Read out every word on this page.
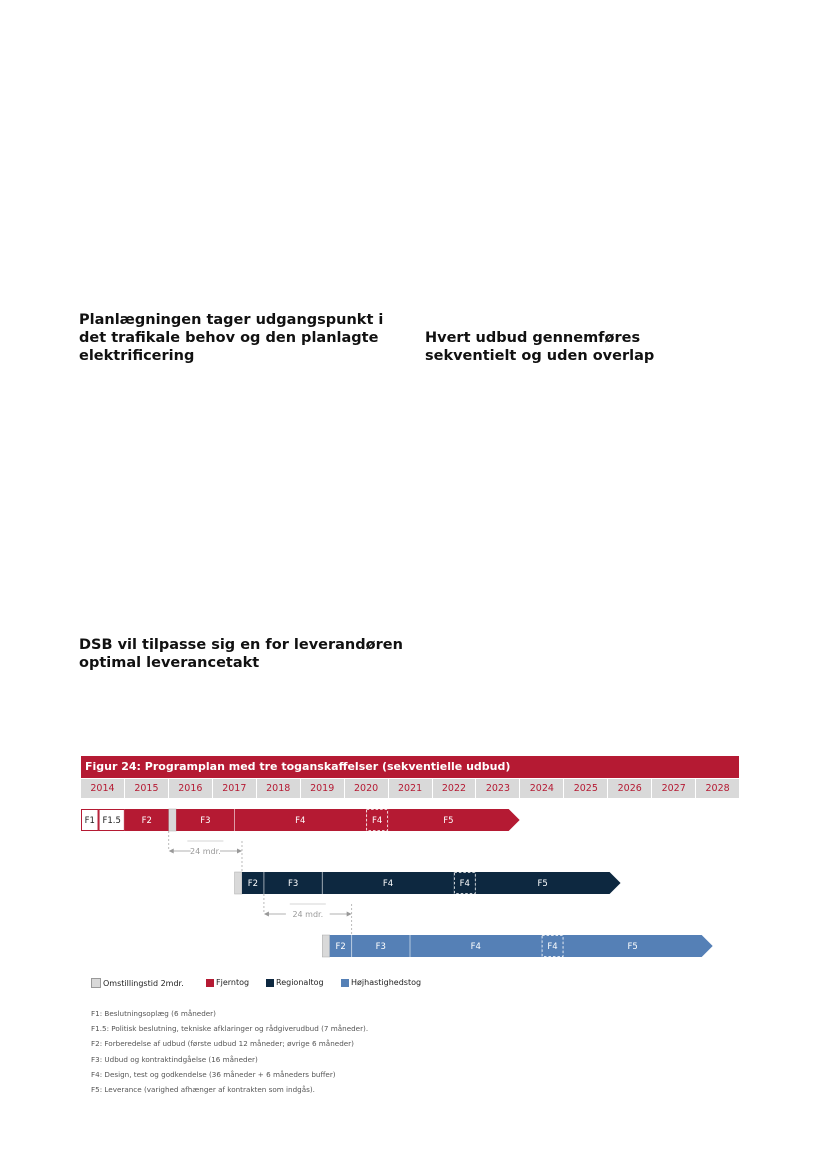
Planlægningen tager udgangspunkt i det trafikale behov og den planlagte elektrificering
Hvert udbud gennemføres sekventielt og uden overlap
DSB vil tilpasse sig en for leverandøren optimal leverancetakt
Figur 24: Programplan med tre toganskaffelser (sekventielle udbud)
2014	2015	2016	2017	2018	2019	2020	2021	2022	2023	2024	2025	2026	2027	2028
F1 F1.5 F2	F3	F4	F4	F5
F2	F3	F4	F4	F5
F2	F3	F4	F4	F5
24 mdr.
24 mdr.
Omstillingstid 2mdr.	Fjerntog	Regionaltog	Højhastighedstog
F1: Beslutningsoplæg (6 måneder)
F1.5: Politisk beslutning, tekniske afklaringer og rådgiverudbud (7 måneder).
F2: Forberedelse af udbud (første udbud 12 måneder; øvrige 6 måneder)
F3: Udbud og kontraktindgåelse (16 måneder)
F4: Design, test og godkendelse (36 måneder + 6 måneders buffer)
F5: Leverance (varighed afhænger af kontrakten som indgås).
